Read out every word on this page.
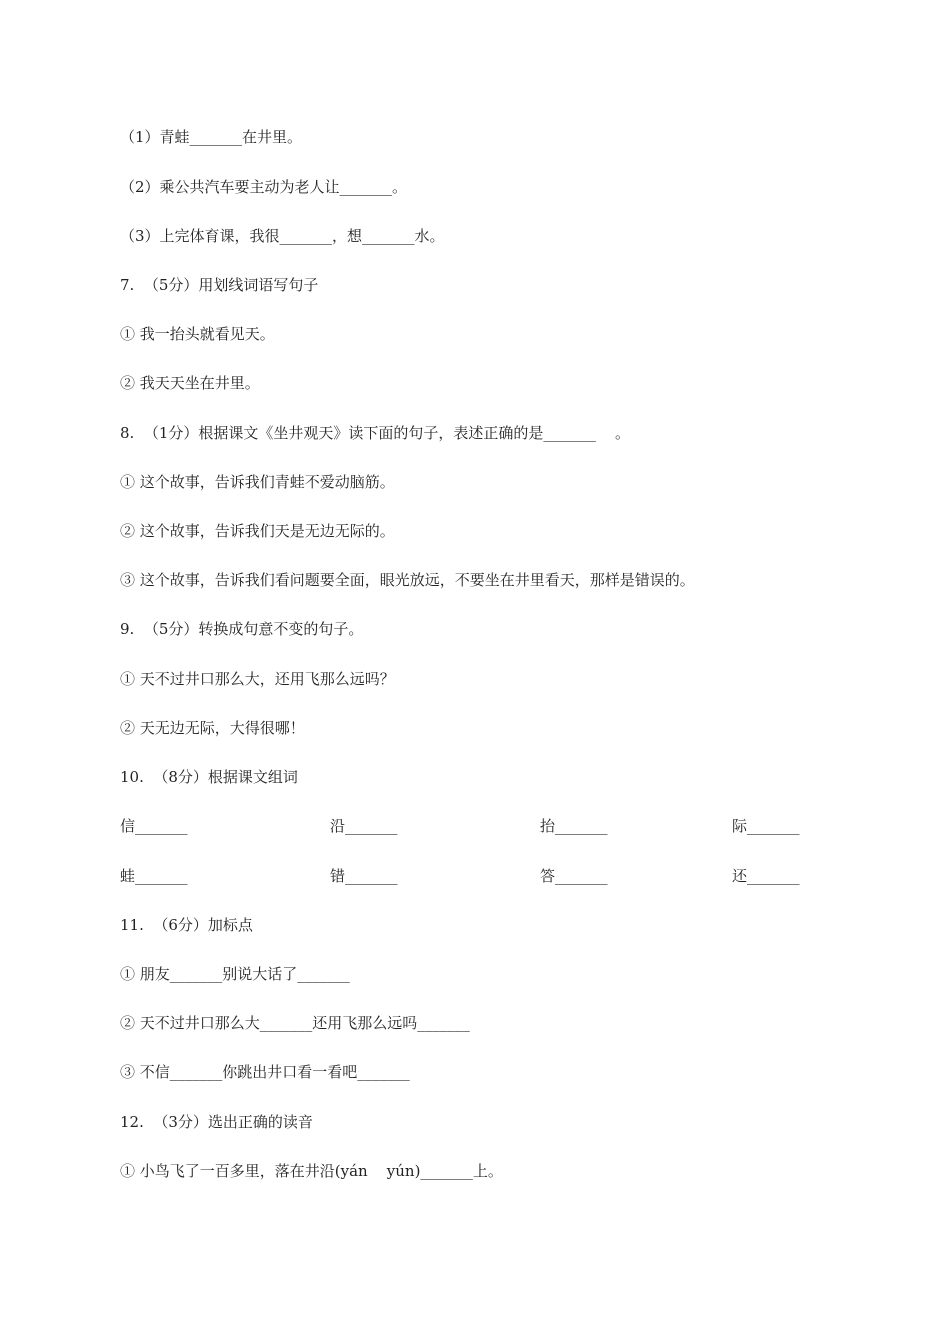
（1）青蛙_______在井里。
（2）乘公共汽车要主动为老人让_______。
（3）上完体育课，我很_______，想_______水。
7.  （5分）用划线词语写句子
① 我一抬头就看见天。
② 我天天坐在井里。
8.  （1分）根据课文《坐井观天》读下面的句子，表述正确的是_______    。
① 这个故事，告诉我们青蛙不爱动脑筋。
② 这个故事，告诉我们天是无边无际的。
③ 这个故事，告诉我们看问题要全面，眼光放远，不要坐在井里看天，那样是错误的。
9.  （5分）转换成句意不变的句子。
① 天不过井口那么大，还用飞那么远吗？
② 天无边无际，大得很哪！
10.  （8分）根据课文组词
信_______	沿_______	抬_______	际_______
蛙_______	错_______	答_______	还_______
11.  （6分）加标点
① 朋友_______别说大话了_______
② 天不过井口那么大_______还用飞那么远吗_______
③ 不信_______你跳出井口看一看吧_______
12.  （3分）选出正确的读音
① 小鸟飞了一百多里，落在井沿(yán    yún)_______上。
